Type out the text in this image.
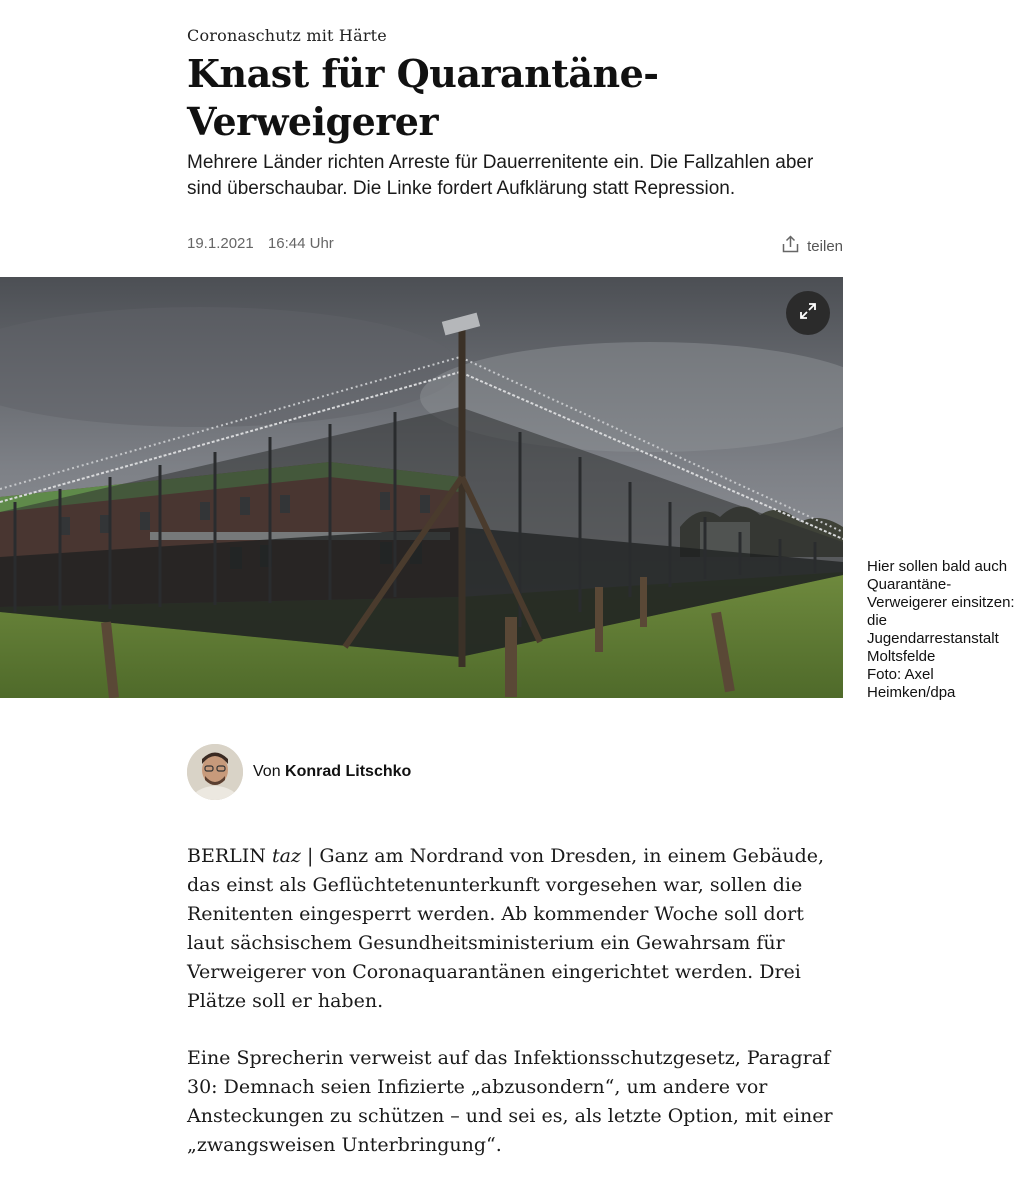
Coronaschutz mit Härte
Knast für Quarantäne-Verweigerer

Mehrere Länder richten Arreste für Dauerrenitente ein. Die Fallzahlen aber sind überschaubar. Die Linke fordert Aufklärung statt Repression.

19.1.2021 16:44 Uhr	teilen
Hier sollen bald auch Quarantäne-Verweigerer einsitzen: die Jugendarrestanstalt Moltsfelde
Foto: Axel Heimken/dpa
Von Konrad Litschko

BERLIN taz | Ganz am Nordrand von Dresden, in einem Gebäude, das einst als Geflüchtetenunterkunft vorgesehen war, sollen die Renitenten eingesperrt werden. Ab kommender Woche soll dort laut sächsischem Gesundheitsministerium ein Gewahrsam für Verweigerer von Coronaquarantänen eingerichtet werden. Drei Plätze soll er haben.

Eine Sprecherin verweist auf das Infektionsschutzgesetz, Paragraf 30: Demnach seien Infizierte „abzusondern“, um andere vor Ansteckungen zu schützen – und sei es, als letzte Option, mit einer „zwangsweisen Unterbringung“.
